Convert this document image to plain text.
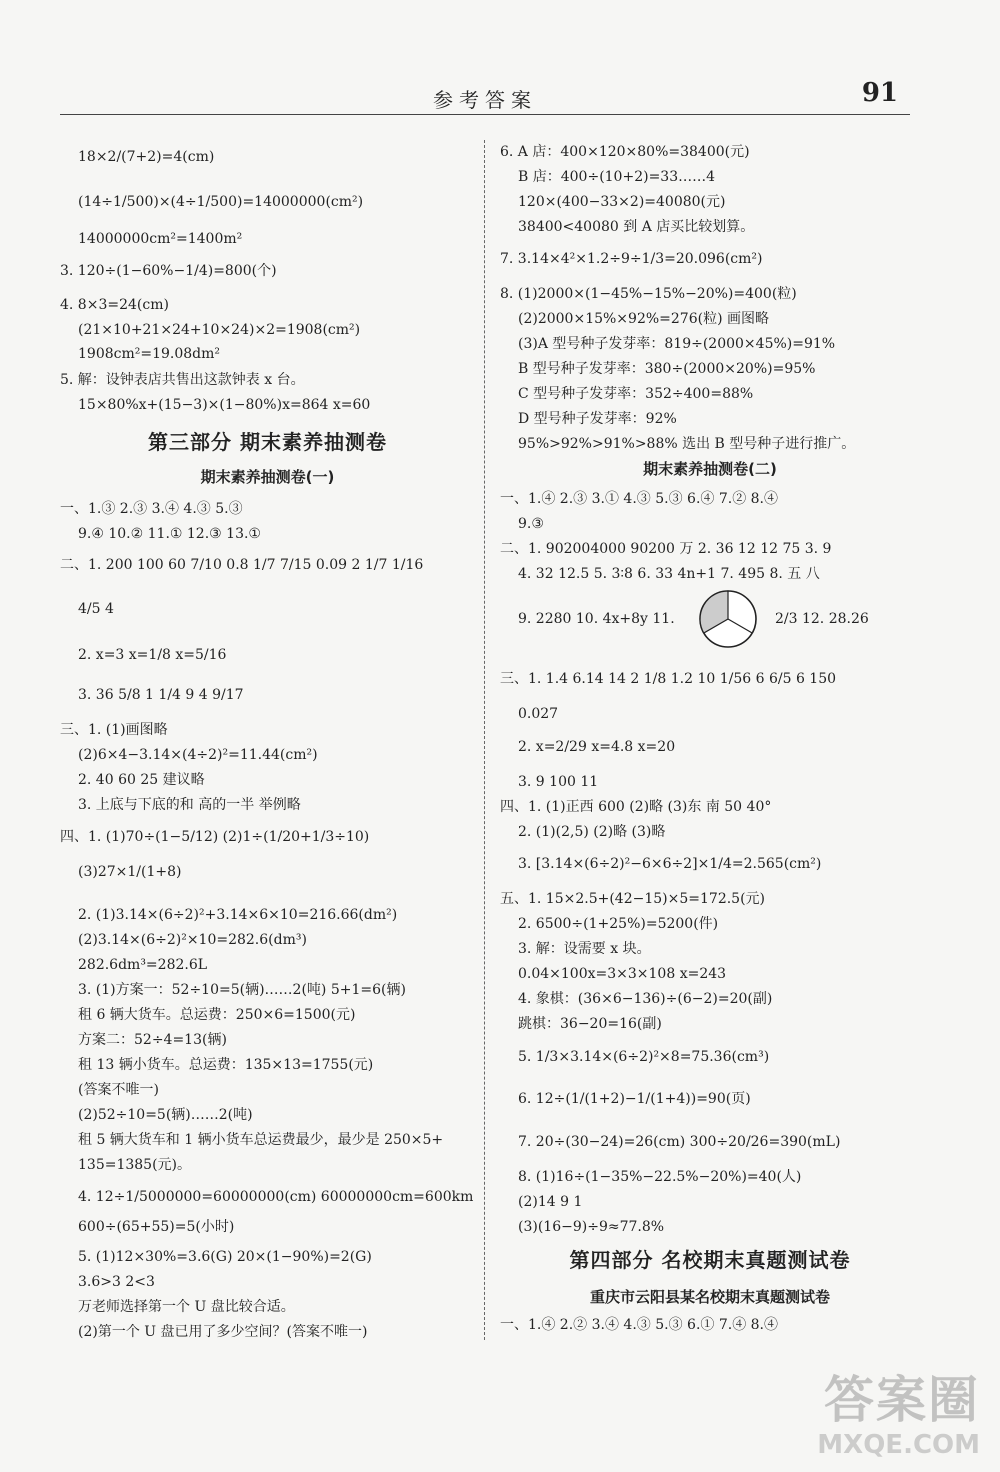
参考答案	91
18×2/(7+2)=4(cm)
(14÷1/500)×(4÷1/500)=14000000(cm²)
14000000cm²=1400m²
3. 120÷(1−60%−1/4)=800(个)
4. 8×3=24(cm)
(21×10+21×24+10×24)×2=1908(cm²)
1908cm²=19.08dm²
5. 解：设钟表店共售出这款钟表 x 台。
15×80%x+(15−3)×(1−80%)x=864 x=60
第三部分 期末素养抽测卷
期末素养抽测卷(一)
一、1.③ 2.③ 3.④ 4.③ 5.③
9.④ 10.② 11.① 12.③ 13.①
二、1. 200 100 60 7/10 0.8 1/7 7/15 0.09 2 1/7 1/16
4/5 4
2. x=3 x=1/8 x=5/16
3. 36 5/8 1 1/4 9 4 9/17
三、1. (1)画图略
(2)6×4−3.14×(4÷2)²=11.44(cm²)
2. 40 60 25 建议略
3. 上底与下底的和 高的一半 举例略
四、1. (1)70÷(1−5/12) (2)1÷(1/20+1/3÷10)
(3)27×1/(1+8)
2. (1)3.14×(6÷2)²+3.14×6×10=216.66(dm²)
(2)3.14×(6÷2)²×10=282.6(dm³)
282.6dm³=282.6L
3. (1)方案一：52÷10=5(辆)……2(吨) 5+1=6(辆)
租 6 辆大货车。总运费：250×6=1500(元)
方案二：52÷4=13(辆)
租 13 辆小货车。总运费：135×13=1755(元)
(答案不唯一)
(2)52÷10=5(辆)……2(吨)
租 5 辆大货车和 1 辆小货车总运费最少，最少是 250×5+
135=1385(元)。
4. 12÷1/5000000=60000000(cm) 60000000cm=600km
600÷(65+55)=5(小时)
5. (1)12×30%=3.6(G) 20×(1−90%)=2(G)
3.6>3 2<3
万老师选择第一个 U 盘比较合适。
(2)第一个 U 盘已用了多少空间？(答案不唯一)
6. A 店：400×120×80%=38400(元)
B 店：400÷(10+2)=33……4
120×(400−33×2)=40080(元)
38400<40080 到 A 店买比较划算。
7. 3.14×4²×1.2÷9÷1/3=20.096(cm²)
8. (1)2000×(1−45%−15%−20%)=400(粒)
(2)2000×15%×92%=276(粒) 画图略
(3)A 型号种子发芽率：819÷(2000×45%)=91%
B 型号种子发芽率：380÷(2000×20%)=95%
C 型号种子发芽率：352÷400=88%
D 型号种子发芽率：92%
95%>92%>91%>88% 选出 B 型号种子进行推广。
期末素养抽测卷(二)
一、1.④ 2.③ 3.① 4.③ 5.③ 6.④ 7.② 8.④
9.③
二、1. 902004000 90200 万 2. 36 12 12 75 3. 9
4. 32 12.5 5. 3∶8 6. 33 4n+1 7. 495 8. 五 八
9. 2280 10. 4x+8y 11.	2/3 12. 28.26
三、1. 1.4 6.14 14 2 1/8 1.2 10 1/56 6 6/5 6 150
0.027
2. x=2/29 x=4.8 x=20
3. 9 100 11
四、1. (1)正西 600 (2)略 (3)东 南 50 40°
2. (1)(2,5) (2)略 (3)略
3. [3.14×(6÷2)²−6×6÷2]×1/4=2.565(cm²)
五、1. 15×2.5+(42−15)×5=172.5(元)
2. 6500÷(1+25%)=5200(件)
3. 解：设需要 x 块。
0.04×100x=3×3×108 x=243
4. 象棋：(36×6−136)÷(6−2)=20(副)
跳棋：36−20=16(副)
5. 1/3×3.14×(6÷2)²×8=75.36(cm³)
6. 12÷(1/(1+2)−1/(1+4))=90(页)
7. 20÷(30−24)=26(cm) 300÷20/26=390(mL)
8. (1)16÷(1−35%−22.5%−20%)=40(人)
(2)14 9 1
(3)(16−9)÷9≈77.8%
第四部分 名校期末真题测试卷
重庆市云阳县某名校期末真题测试卷
一、1.④ 2.② 3.④ 4.③ 5.③ 6.① 7.④ 8.④
答案圈
MXQE.COM
